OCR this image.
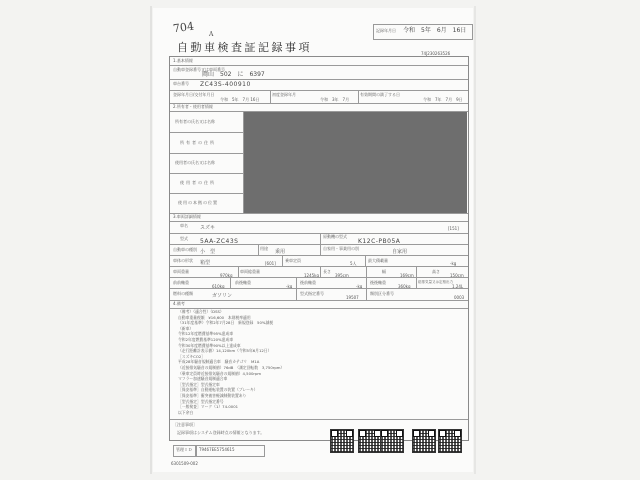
704 A
記録年月日 令和　5年　6月　16日
自動車検査証記録事項	74J230263526
1.基本情報
自動車登録番号又は車両番号
岡山　502　に　6397
車台番号 ZC43S-400910
登録年月日/交付年月日
令和　5年　7月 16日
初度登録年月
令和　3年　7月
有効期間の満了する日
令和　7年　7月　9日
2.所有者・使用者情報
所有者の氏名又は名称
所有者の住所
使用者の氏名又は名称
使用者の住所
使用の本拠の位置
3.車両詳細情報
車名 スズキ	[151]
型式 5AA-ZC43S
原動機の型式
K12C-PB05A
自動車の種別 小　型
用途
乗用
自家用・事業用の別
自家用
車体の形状 箱型	[601]
乗車定員
5人
最大積載量
-kg
車両重量
970kg
車両総重量
1245kg
長さ
395cm
幅
169cm
高さ
150cm
前前軸重
610kg
前後軸重
-kg
後前軸重
-kg
後後軸重
360kg
総排気量又は定格出力
1.24L
燃料の種類	ガソリン	型式指定番号
19507
類別区分番号
0003
4.備考
（備考）（適合性）（DSS）
自動車重量税額　¥16,600　本則税率適用
（31年度基準）令和2年7月28日　新規登録　50%減税
（新車）
令和12年度燃費基準95%達成車
令和2年度燃費基準120%達成車
令和30年度燃費基準90%以上達成車
（走行距離計表示値）14,120km（令和5年6月12日）
［スズキCO2］
平成28年騒音規制適合車　騒音カテゴリ　M1A
（近接排気騒音の規制値）76dB　（測定回転数　3,750rpm）
（乗車定員時近接排気騒音の規制値）4,500rpm
マフラー加速騒音規制適合車
［型式指定］型式指定車
［保安基準］自動運転装置の装置（ブレーキ）
［保安基準］衝突被害軽減制動装置あり
［型式指定］型式指定番号
［一般検査］マーク（1）74-0001
以下余白
［注意事項］
記録事項はシステム登録時点の情報となります。
管理ＩＤ T9467EE5754615
6301509-002
